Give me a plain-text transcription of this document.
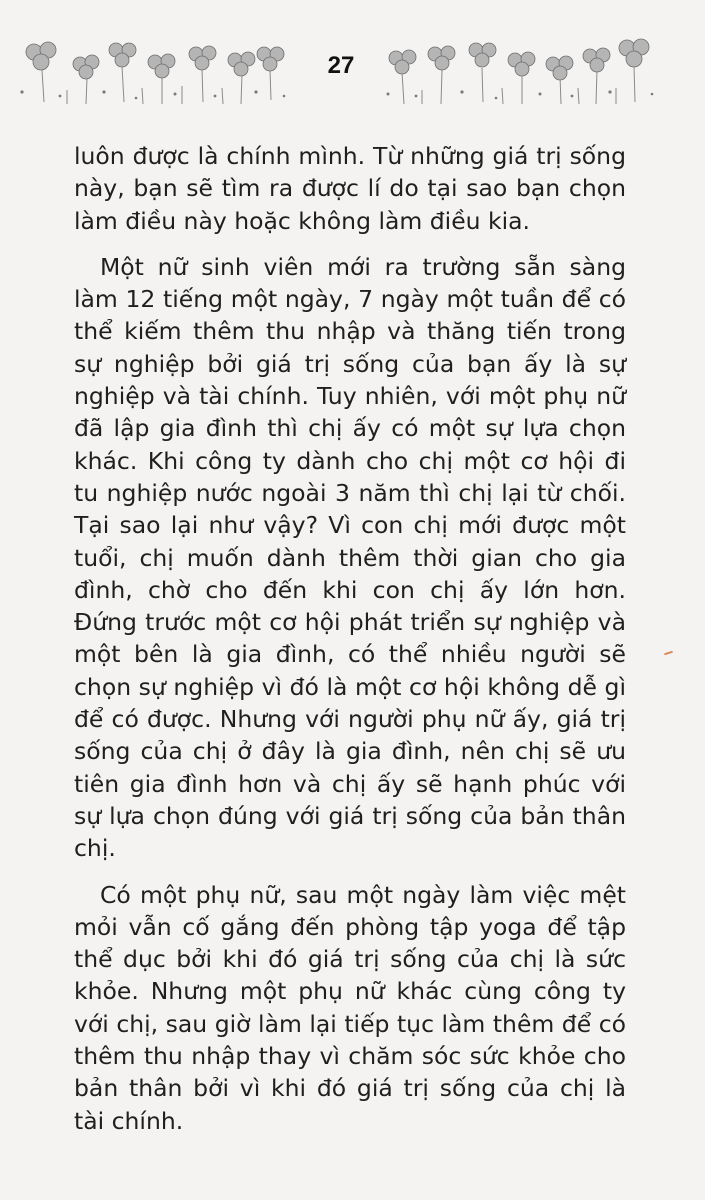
27

luôn được là chính mình. Từ những giá trị sống này, bạn sẽ tìm ra được lí do tại sao bạn chọn làm điều này hoặc không làm điều kia.

Một nữ sinh viên mới ra trường sẵn sàng làm 12 tiếng một ngày, 7 ngày một tuần để có thể kiếm thêm thu nhập và thăng tiến trong sự nghiệp bởi giá trị sống của bạn ấy là sự nghiệp và tài chính. Tuy nhiên, với một phụ nữ đã lập gia đình thì chị ấy có một sự lựa chọn khác. Khi công ty dành cho chị một cơ hội đi tu nghiệp nước ngoài 3 năm thì chị lại từ chối. Tại sao lại như vậy? Vì con chị mới được một tuổi, chị muốn dành thêm thời gian cho gia đình, chờ cho đến khi con chị ấy lớn hơn. Đứng trước một cơ hội phát triển sự nghiệp và một bên là gia đình, có thể nhiều người sẽ chọn sự nghiệp vì đó là một cơ hội không dễ gì để có được. Nhưng với người phụ nữ ấy, giá trị sống của chị ở đây là gia đình, nên chị sẽ ưu tiên gia đình hơn và chị ấy sẽ hạnh phúc với sự lựa chọn đúng với giá trị sống của bản thân chị.

Có một phụ nữ, sau một ngày làm việc mệt mỏi vẫn cố gắng đến phòng tập yoga để tập thể dục bởi khi đó giá trị sống của chị là sức khỏe. Nhưng một phụ nữ khác cùng công ty với chị, sau giờ làm lại tiếp tục làm thêm để có thêm thu nhập thay vì chăm sóc sức khỏe cho bản thân bởi vì khi đó giá trị sống của chị là tài chính.
